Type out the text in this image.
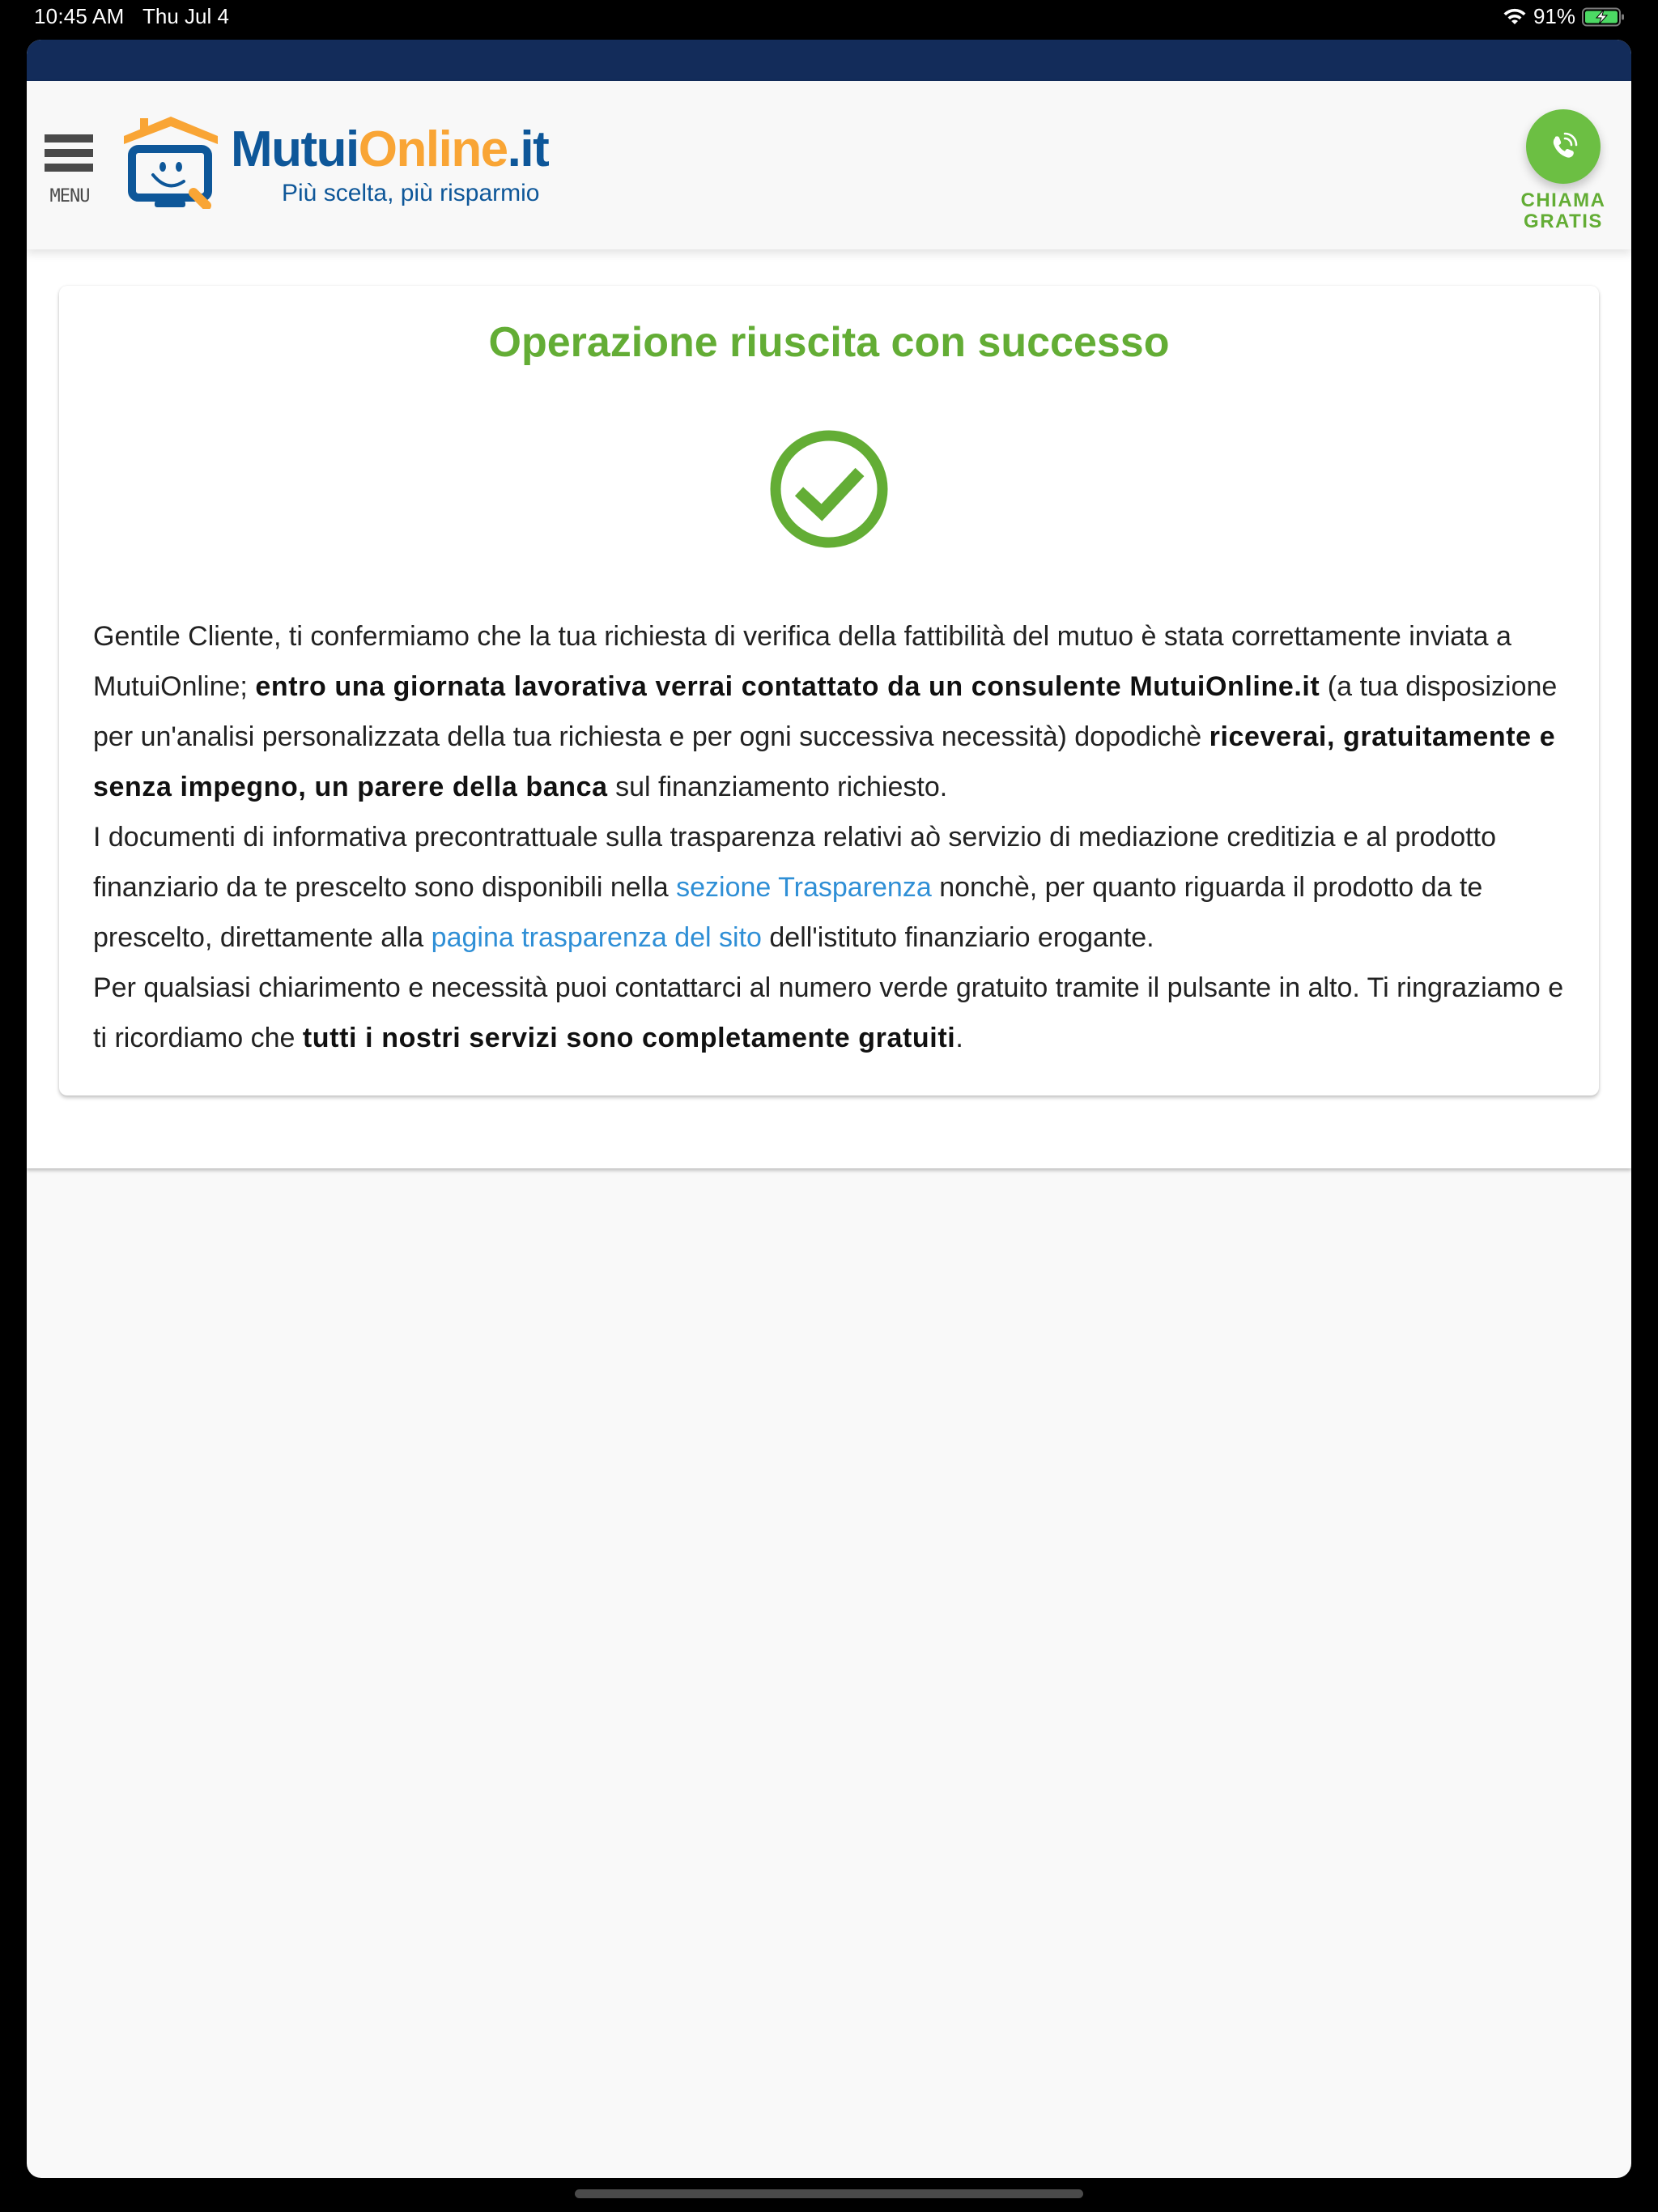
10:45 AM Thu Jul 4	91%
MENU
MutuiOnline.it
Più scelta, più risparmio	CHIAMA
GRATIS
Operazione riuscita con successo
Gentile Cliente, ti confermiamo che la tua richiesta di verifica della fattibilità del mutuo è stata correttamente inviata a MutuiOnline; entro una giornata lavorativa verrai contattato da un consulente MutuiOnline.it (a tua disposizione per un'analisi personalizzata della tua richiesta e per ogni successiva necessità) dopodichè riceverai, gratuitamente e senza impegno, un parere della banca sul finanziamento richiesto.
I documenti di informativa precontrattuale sulla trasparenza relativi aò servizio di mediazione creditizia e al prodotto finanziario da te prescelto sono disponibili nella sezione Trasparenza nonchè, per quanto riguarda il prodotto da te prescelto, direttamente alla pagina trasparenza del sito dell'istituto finanziario erogante.
Per qualsiasi chiarimento e necessità puoi contattarci al numero verde gratuito tramite il pulsante in alto. Ti ringraziamo e ti ricordiamo che tutti i nostri servizi sono completamente gratuiti.
